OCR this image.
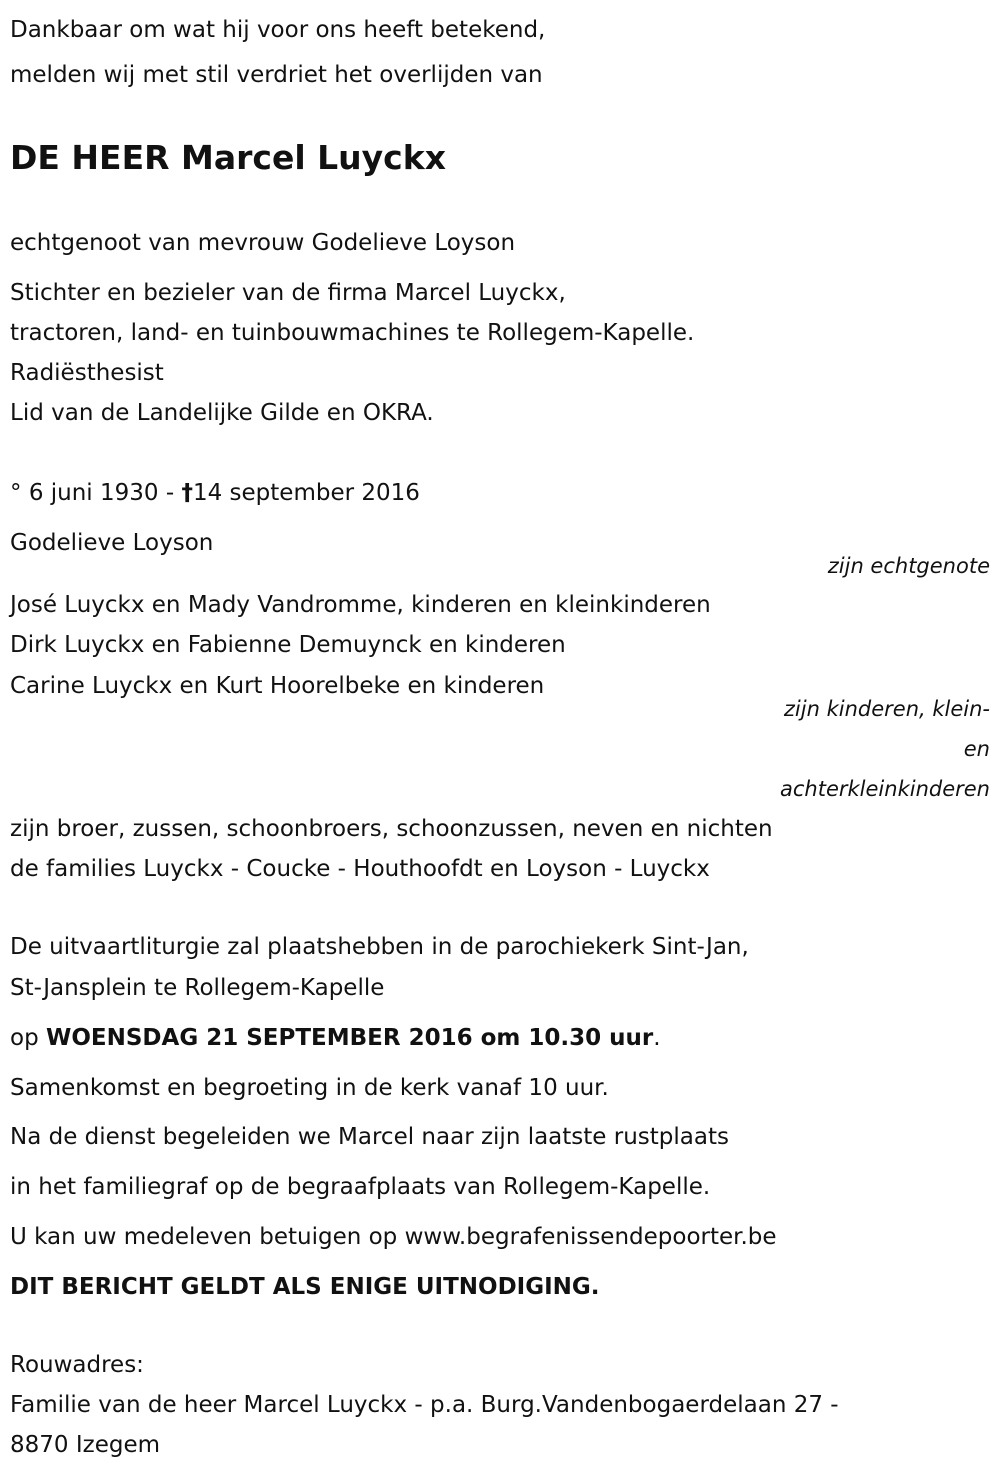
Dankbaar om wat hij voor ons heeft betekend,
melden wij met stil verdriet het overlijden van
DE HEER Marcel Luyckx
echtgenoot van mevrouw Godelieve Loyson
Stichter en bezieler van de firma Marcel Luyckx,
tractoren, land- en tuinbouwmachines te Rollegem-Kapelle.
Radiësthesist
Lid van de Landelijke Gilde en OKRA.
° 6 juni 1930 - †14 september 2016
Godelieve Loyson
zijn echtgenote
José Luyckx en Mady Vandromme, kinderen en kleinkinderen
Dirk Luyckx en Fabienne Demuynck en kinderen
Carine Luyckx en Kurt Hoorelbeke en kinderen
zijn kinderen, klein-
en
achterkleinkinderen
zijn broer, zussen, schoonbroers, schoonzussen, neven en nichten
de families Luyckx - Coucke - Houthoofdt en Loyson - Luyckx
De uitvaartliturgie zal plaatshebben in de parochiekerk Sint-Jan,
St-Jansplein te Rollegem-Kapelle
op WOENSDAG 21 SEPTEMBER 2016 om 10.30 uur.
Samenkomst en begroeting in de kerk vanaf 10 uur.
Na de dienst begeleiden we Marcel naar zijn laatste rustplaats
in het familiegraf op de begraafplaats van Rollegem-Kapelle.
U kan uw medeleven betuigen op www.begrafenissendepoorter.be
DIT BERICHT GELDT ALS ENIGE UITNODIGING.
Rouwadres:
Familie van de heer Marcel Luyckx - p.a. Burg.Vandenbogaerdelaan 27 -
8870 Izegem
